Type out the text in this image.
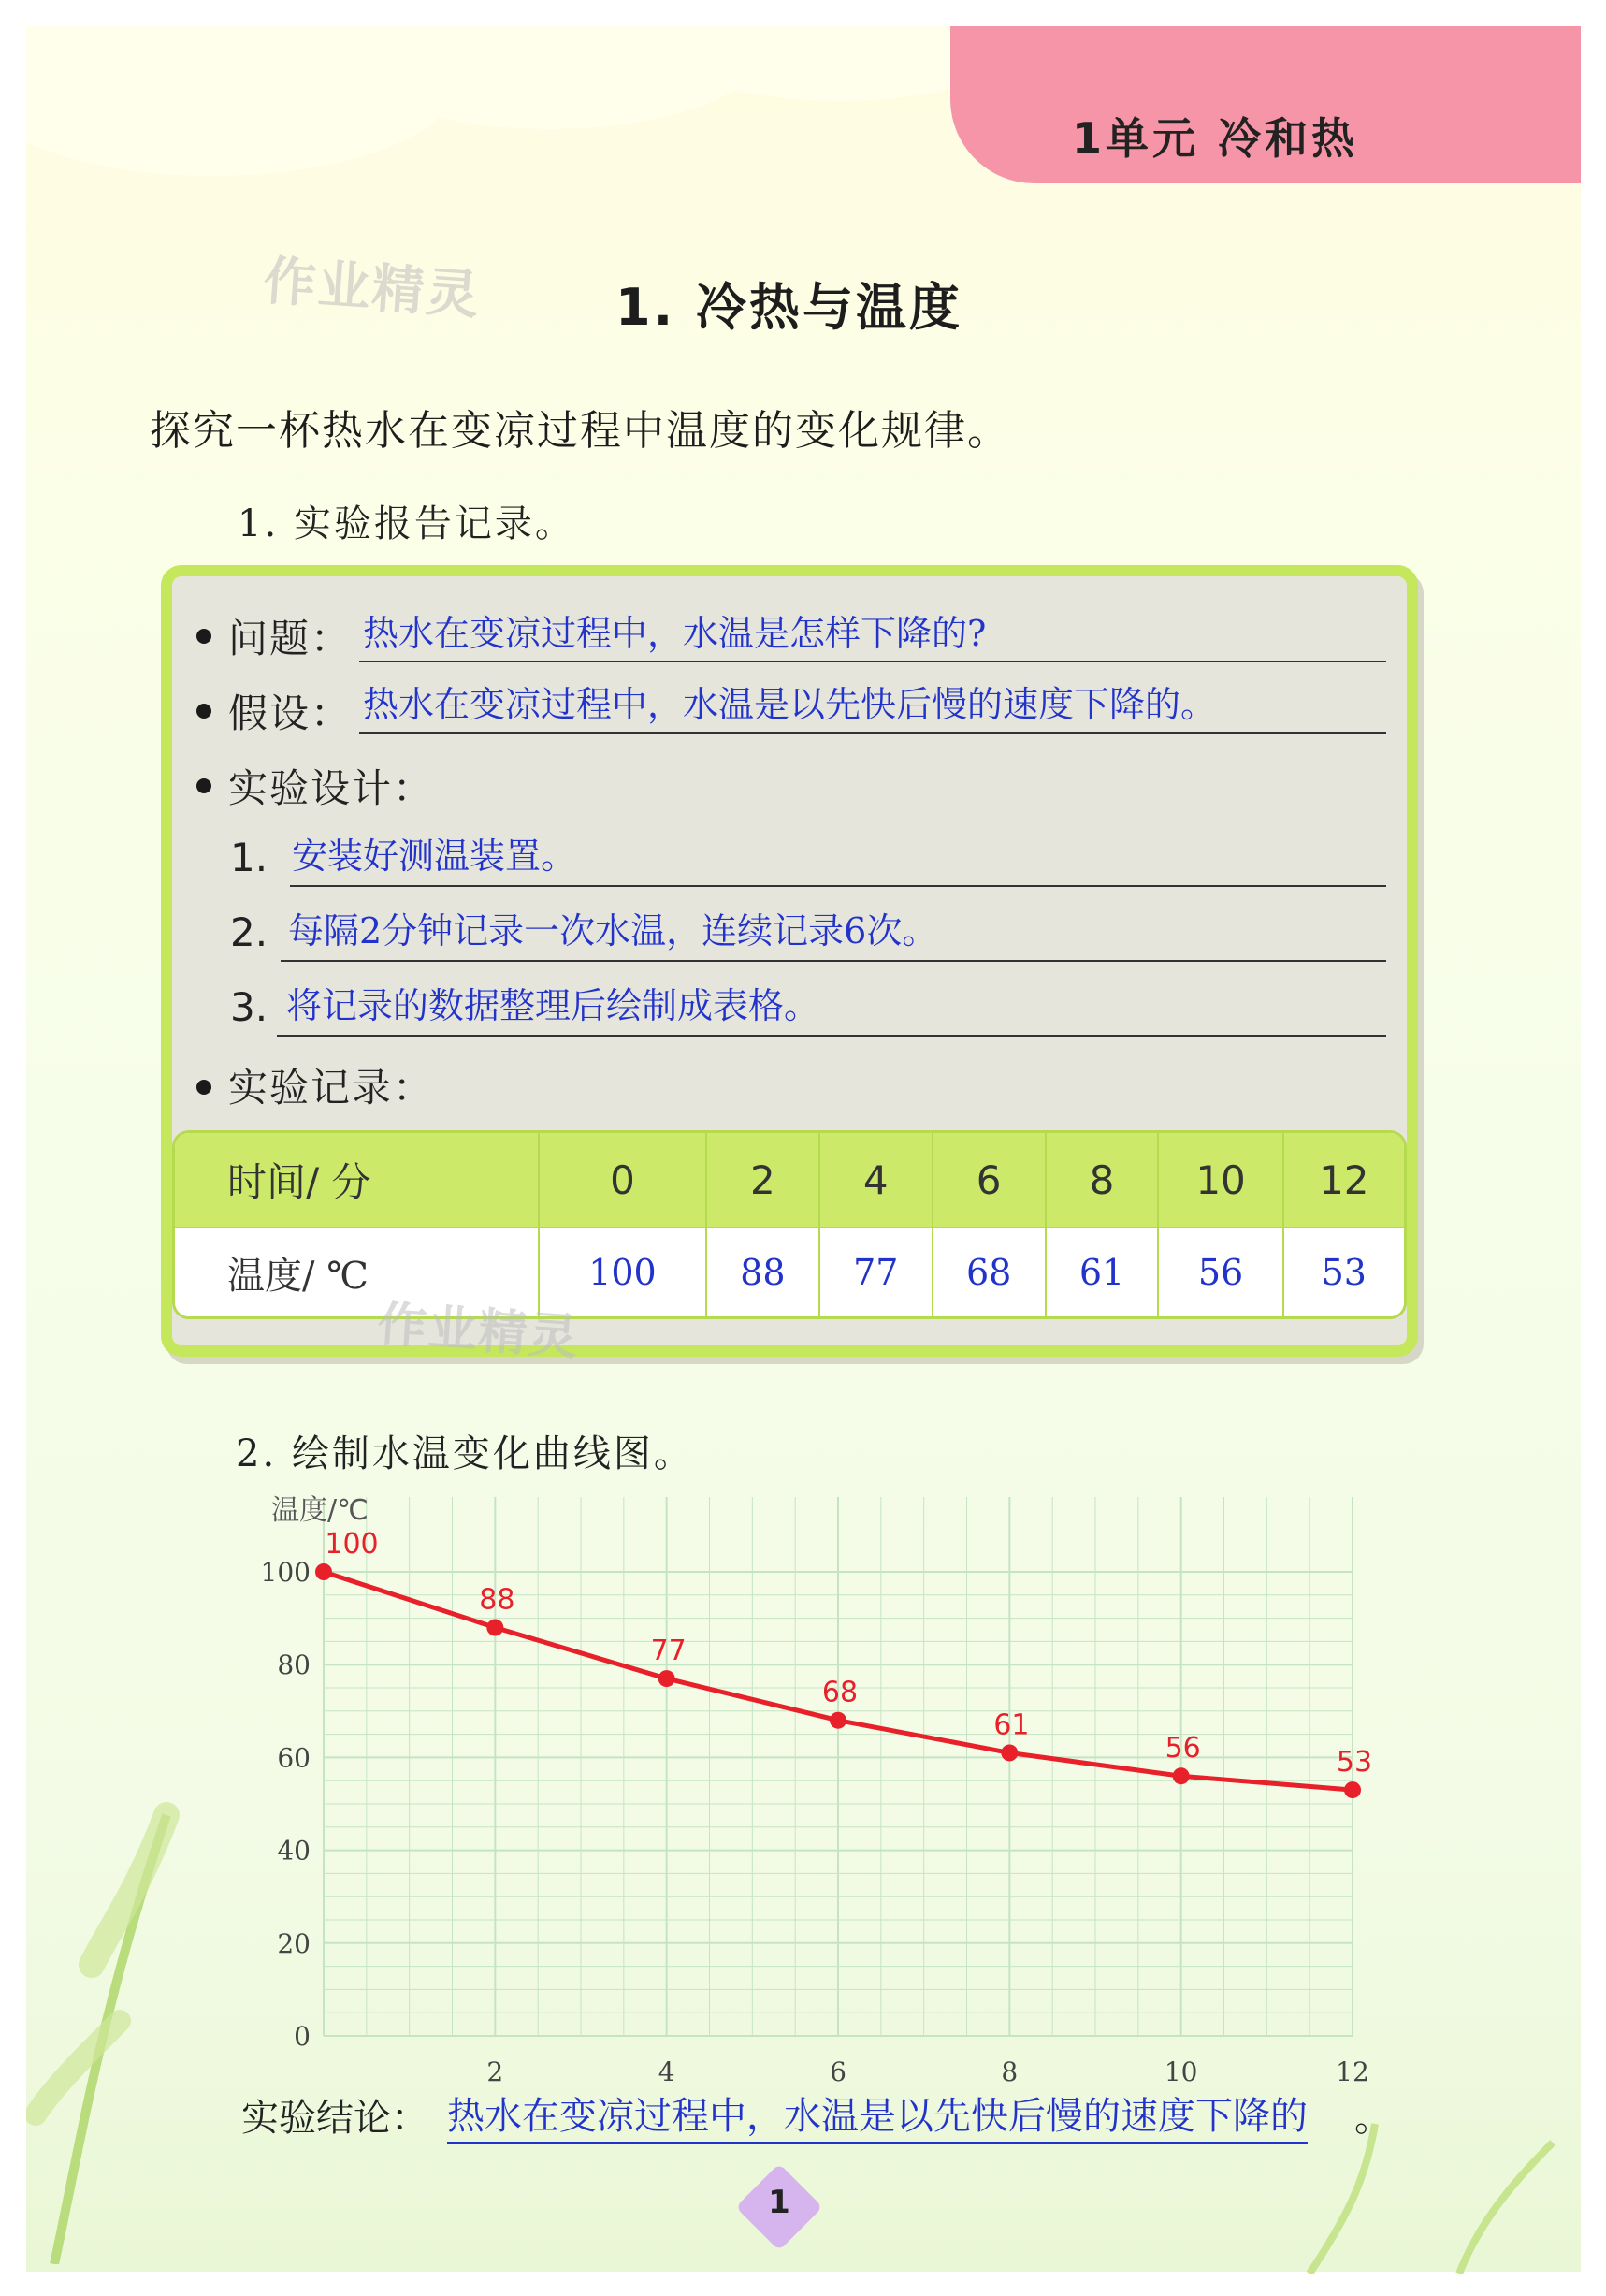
1单元 冷和热
作业精灵	1. 冷热与温度
探究一杯热水在变凉过程中温度的变化规律。
1. 实验报告记录。
问题： 热水在变凉过程中，水温是怎样下降的?
假设： 热水在变凉过程中，水温是以先快后慢的速度下降的。
实验设计：
1. 安装好测温装置。
2. 每隔2分钟记录一次水温，连续记录6次。
3. 将记录的数据整理后绘制成表格。
实验记录：
时间/ 分	0	2	4	6	8	10	12
温度/ ℃	100	88	77	68	61	56	53
作业精灵
2. 绘制水温变化曲线图。
0
20
40
60
80
100
2	4	6	8	10	12
温度/℃
100
88
77
68
61
56	53
实验结论： 热水在变凉过程中，水温是以先快后慢的速度下降的 。
1
